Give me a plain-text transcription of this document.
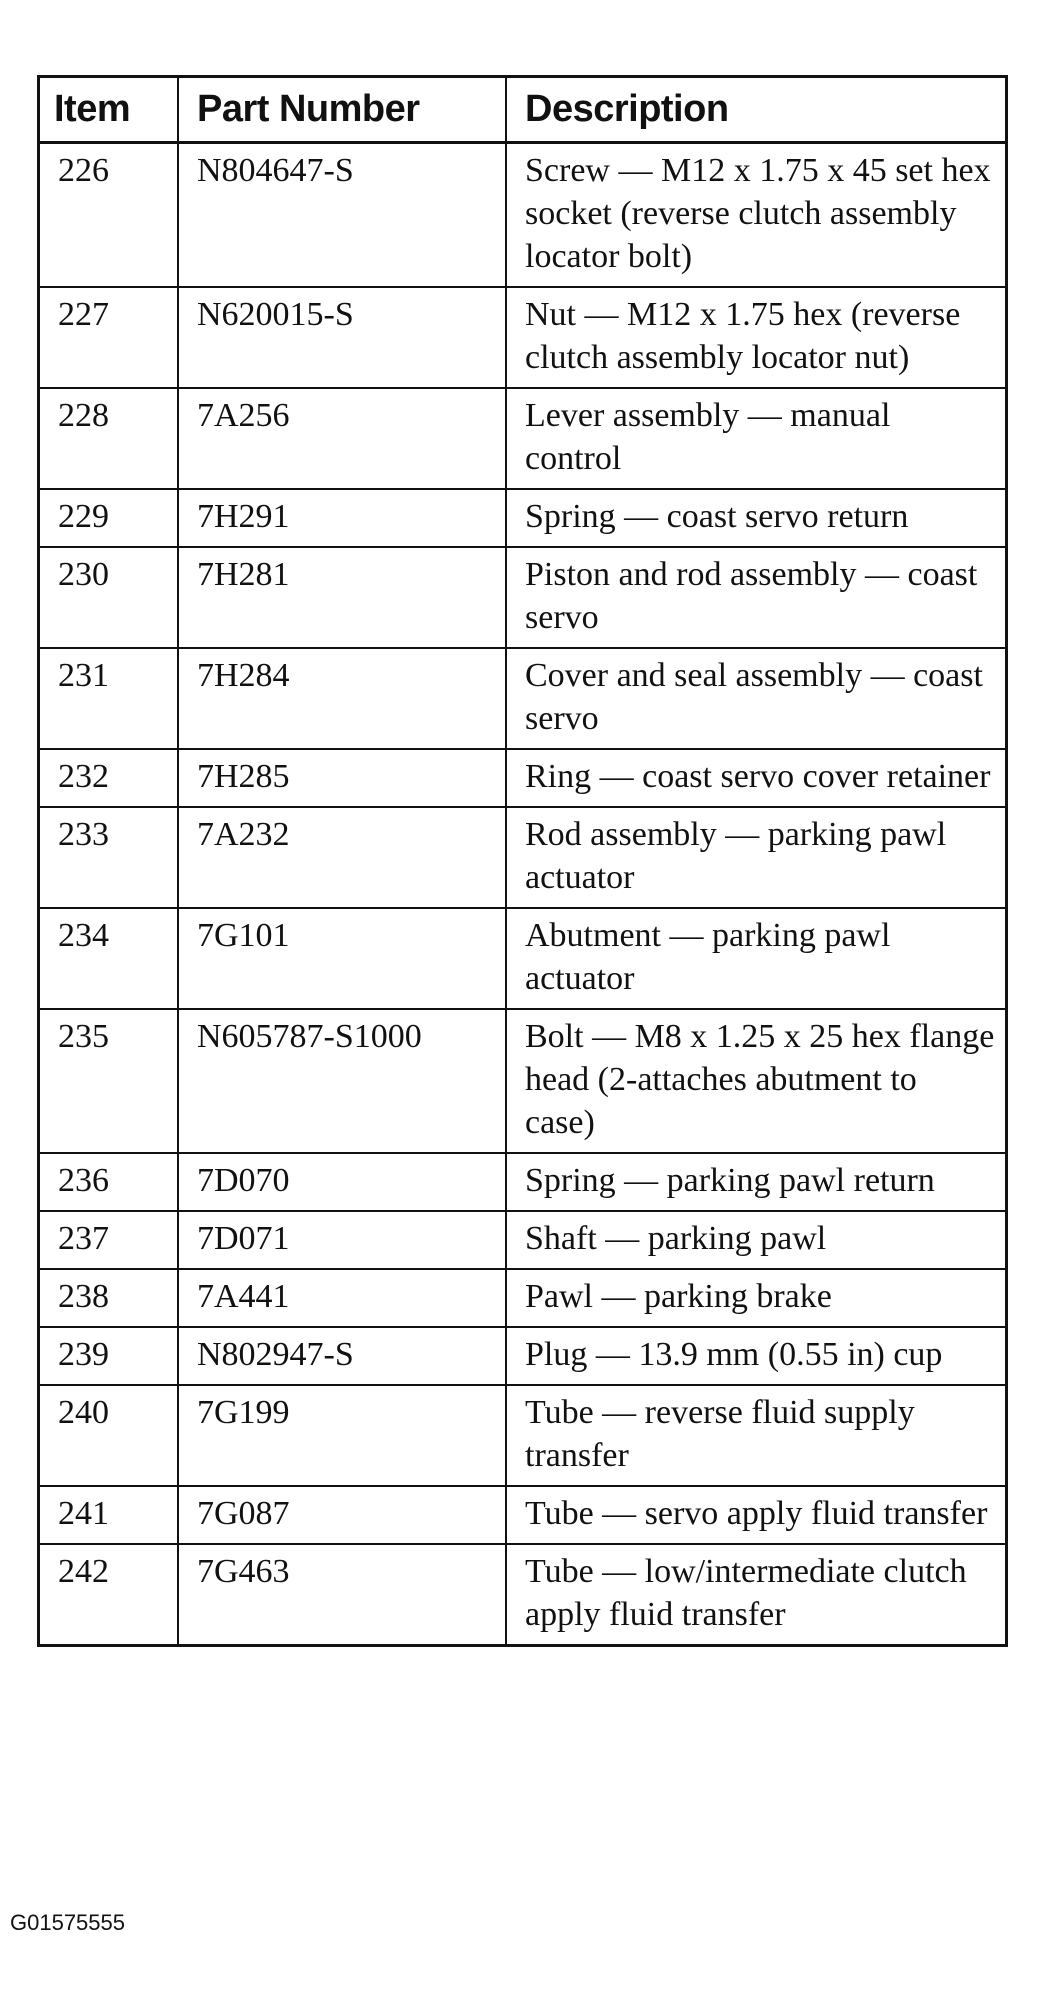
Item	Part Number	Description
226	N804647-S	Screw — M12 x 1.75 x 45 set hex socket (reverse clutch assembly locator bolt)
227	N620015-S	Nut — M12 x 1.75 hex (reverse clutch assembly locator nut)
228	7A256	Lever assembly — manual control
229	7H291	Spring — coast servo return
230	7H281	Piston and rod assembly — coast servo
231	7H284	Cover and seal assembly — coast servo
232	7H285	Ring — coast servo cover retainer
233	7A232	Rod assembly — parking pawl actuator
234	7G101	Abutment — parking pawl actuator
235	N605787-S1000	Bolt — M8 x 1.25 x 25 hex flange head (2-attaches abutment to case)
236	7D070	Spring — parking pawl return
237	7D071	Shaft — parking pawl
238	7A441	Pawl — parking brake
239	N802947-S	Plug — 13.9 mm (0.55 in) cup
240	7G199	Tube — reverse fluid supply transfer
241	7G087	Tube — servo apply fluid transfer
242	7G463	Tube — low/intermediate clutch apply fluid transfer
G01575555
